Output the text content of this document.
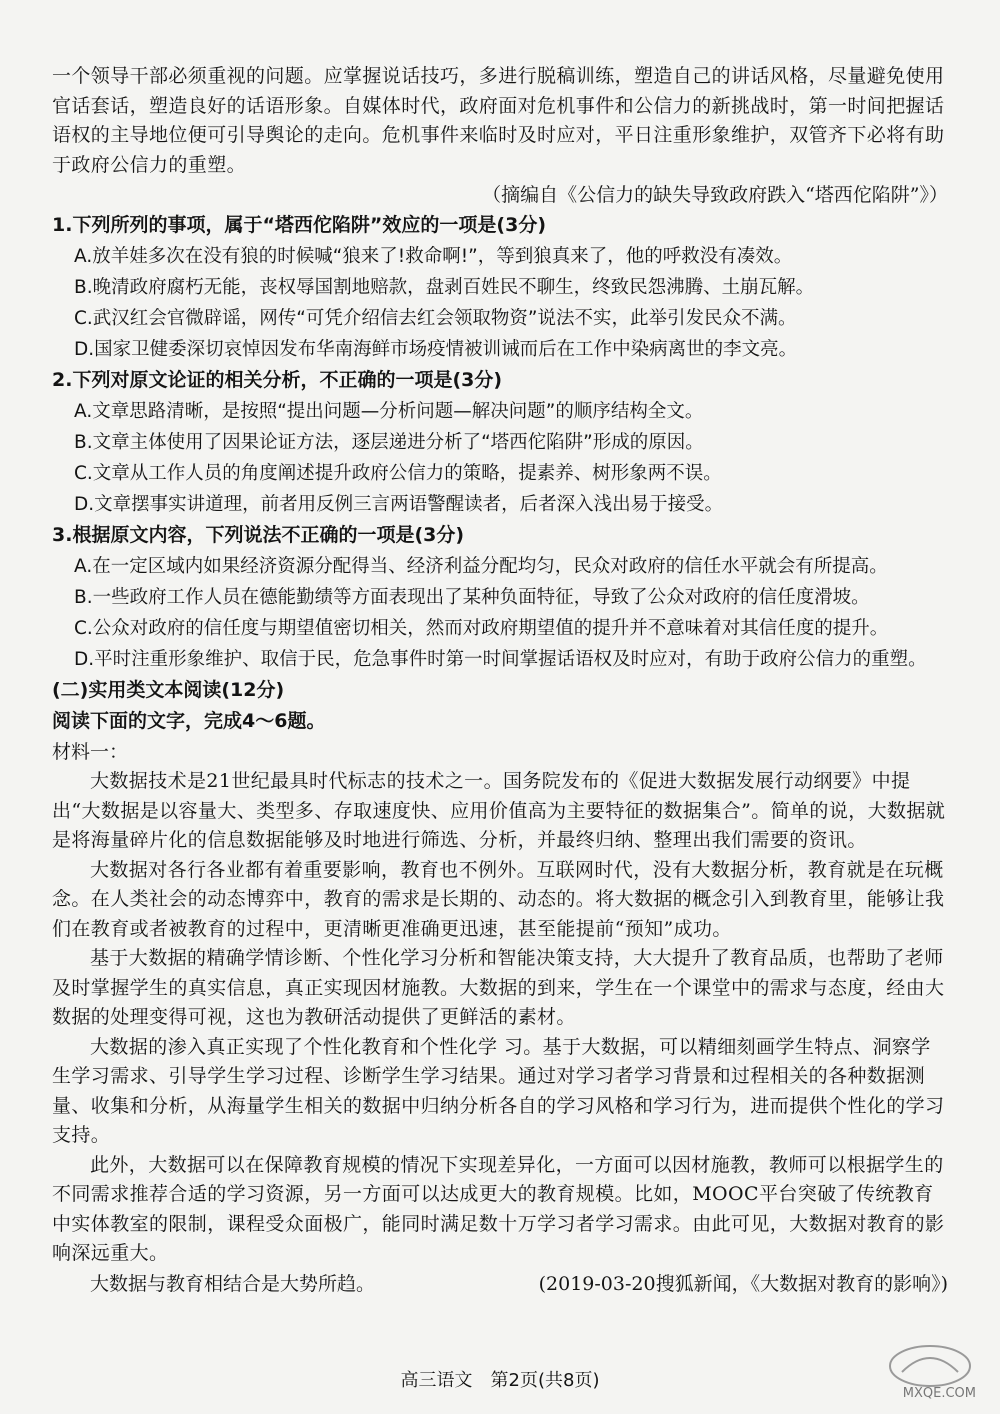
一个领导干部必须重视的问题。应掌握说话技巧，多进行脱稿训练，塑造自己的讲话风格，尽量避免使用官话套话，塑造良好的话语形象。自媒体时代，政府面对危机事件和公信力的新挑战时，第一时间把握话语权的主导地位便可引导舆论的走向。危机事件来临时及时应对，平日注重形象维护，双管齐下必将有助于政府公信力的重塑。

（摘编自《公信力的缺失导致政府跌入“塔西佗陷阱”》）

1.下列所列的事项，属于“塔西佗陷阱”效应的一项是(3分)

A.放羊娃多次在没有狼的时候喊“狼来了!救命啊!”，等到狼真来了，他的呼救没有凑效。

B.晚清政府腐朽无能，丧权辱国割地赔款，盘剥百姓民不聊生，终致民怨沸腾、土崩瓦解。

C.武汉红会官微辟谣，网传“可凭介绍信去红会领取物资”说法不实，此举引发民众不满。

D.国家卫健委深切哀悼因发布华南海鲜市场疫情被训诫而后在工作中染病离世的李文亮。

2.下列对原文论证的相关分析，不正确的一项是(3分)

A.文章思路清晰，是按照“提出问题—分析问题—解决问题”的顺序结构全文。

B.文章主体使用了因果论证方法，逐层递进分析了“塔西佗陷阱”形成的原因。

C.文章从工作人员的角度阐述提升政府公信力的策略，提素养、树形象两不误。

D.文章摆事实讲道理，前者用反例三言两语警醒读者，后者深入浅出易于接受。

3.根据原文内容，下列说法不正确的一项是(3分)

A.在一定区域内如果经济资源分配得当、经济利益分配均匀，民众对政府的信任水平就会有所提高。

B.一些政府工作人员在德能勤绩等方面表现出了某种负面特征，导致了公众对政府的信任度滑坡。

C.公众对政府的信任度与期望值密切相关，然而对政府期望值的提升并不意味着对其信任度的提升。

D.平时注重形象维护、取信于民，危急事件时第一时间掌握话语权及时应对，有助于政府公信力的重塑。

(二)实用类文本阅读(12分)

阅读下面的文字，完成4～6题。

材料一：

大数据技术是21世纪最具时代标志的技术之一。国务院发布的《促进大数据发展行动纲要》中提出“大数据是以容量大、类型多、存取速度快、应用价值高为主要特征的数据集合”。简单的说，大数据就是将海量碎片化的信息数据能够及时地进行筛选、分析，并最终归纳、整理出我们需要的资讯。

大数据对各行各业都有着重要影响，教育也不例外。互联网时代，没有大数据分析，教育就是在玩概念。在人类社会的动态博弈中，教育的需求是长期的、动态的。将大数据的概念引入到教育里，能够让我们在教育或者被教育的过程中，更清晰更准确更迅速，甚至能提前“预知”成功。

基于大数据的精确学情诊断、个性化学习分析和智能决策支持，大大提升了教育品质，也帮助了老师及时掌握学生的真实信息，真正实现因材施教。大数据的到来，学生在一个课堂中的需求与态度，经由大数据的处理变得可视，这也为教研活动提供了更鲜活的素材。

大数据的渗入真正实现了个性化教育和个性化学 习。基于大数据，可以精细刻画学生特点、洞察学生学习需求、引导学生学习过程、诊断学生学习结果。通过对学习者学习背景和过程相关的各种数据测量、收集和分析，从海量学生相关的数据中归纳分析各自的学习风格和学习行为，进而提供个性化的学习支持。

此外，大数据可以在保障教育规模的情况下实现差异化，一方面可以因材施教，教师可以根据学生的不同需求推荐合适的学习资源，另一方面可以达成更大的教育规模。比如，MOOC平台突破了传统教育中实体教室的限制，课程受众面极广，能同时满足数十万学习者学习需求。由此可见，大数据对教育的影响深远重大。

大数据与教育相结合是大势所趋。	(2019-03-20搜狐新闻，《大数据对教育的影响》)
高三语文　第2页(共8页)
MXQE.COM
